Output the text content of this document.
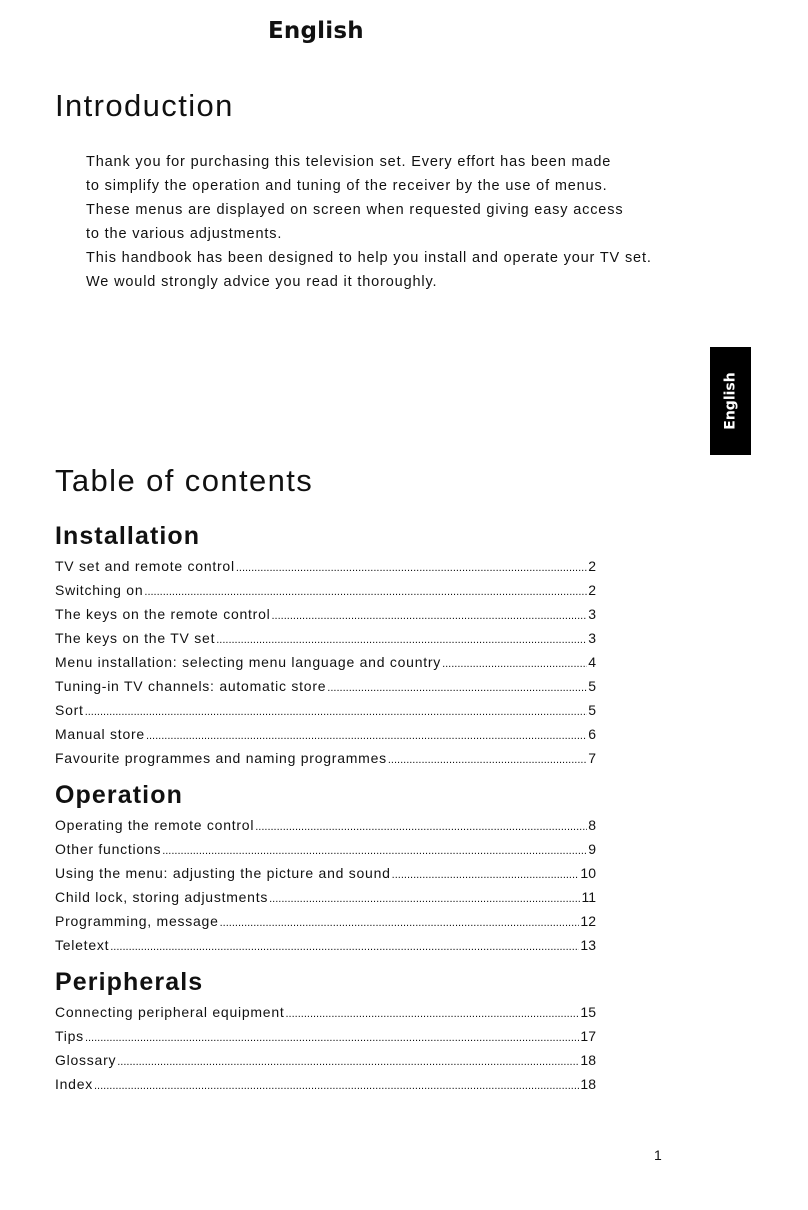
English
Introduction

Thank you for purchasing this television set. Every effort has been made

to simplify the operation and tuning of the receiver by the use of menus.

These menus are displayed on screen when requested giving easy access

to the various adjustments.

This handbook has been designed to help you install and operate your TV set.

We would strongly advice you read it thoroughly.

English
Table of contents
Installation
TV set and remote control .....	2
Switching on .....	2
The keys on the remote control .....	3
The keys on the TV set .....	3
Menu installation: selecting menu language and country .....	4
Tuning-in TV channels: automatic store .....	5
Sort .....	5
Manual store .....	6
Favourite programmes and naming programmes .....	7
Operation
Operating the remote control .....	8
Other functions .....	9
Using the menu: adjusting the picture and sound .....	10
Child lock, storing adjustments .....	11
Programming, message .....	12
Teletext .....	13
Peripherals
Connecting peripheral equipment .....	15
Tips .....	17
Glossary .....	18
Index .....	18
1
